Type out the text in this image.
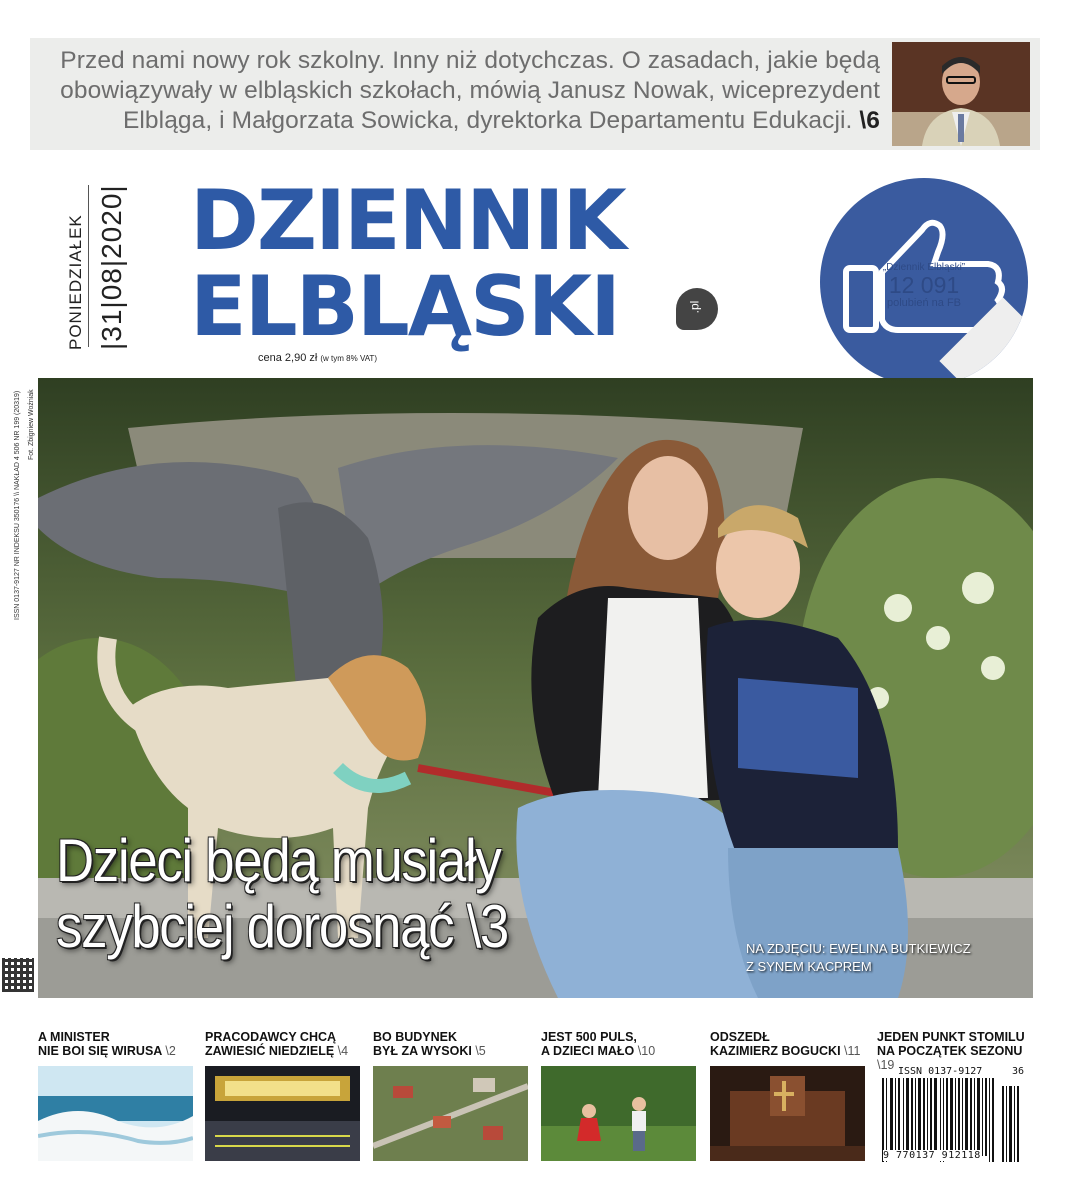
Przed nami nowy rok szkolny. Inny niż dotychczas. O zasadach, jakie będą
obowiązywały w elbląskich szkołach, mówią Janusz Nowak, wiceprezydent
Elbląga, i Małgorzata Sowicka, dyrektorka Departamentu Edukacji. \6
PONIEDZIAŁEK |31|08|2020| DZIENNIK
ELBLĄSKI	.pl
cena 2,90 zł (w tym 8% VAT)
„Dziennik Elbląski”
12 091
polubień na FB
ISSN 0137-9127 NR INDEKSU 350176 \\ NAKŁAD 4 506 NR 199 (20319) Fot. Zbigniew Woźniak
Dzieci będą musiały
szybciej dorosnąć \3	NA ZDJĘCIU: EWELINA BUTKIEWICZ
Z SYNEM KACPREM
A MINISTER
NIE BOI SIĘ WIRUSA \2
PRACODAWCY CHCĄ
ZAWIESIĆ NIEDZIELĘ \4
BO BUDYNEK
BYŁ ZA WYSOKI \5
JEST 500 PULS,
A DZIECI MAŁO \10
ODSZEDŁ
KAZIMIERZ BOGUCKI \11
JEDEN PUNKT STOMILU
NA POCZĄTEK SEZONU \19 ISSN 0137-9127	36
9 770137 912118
